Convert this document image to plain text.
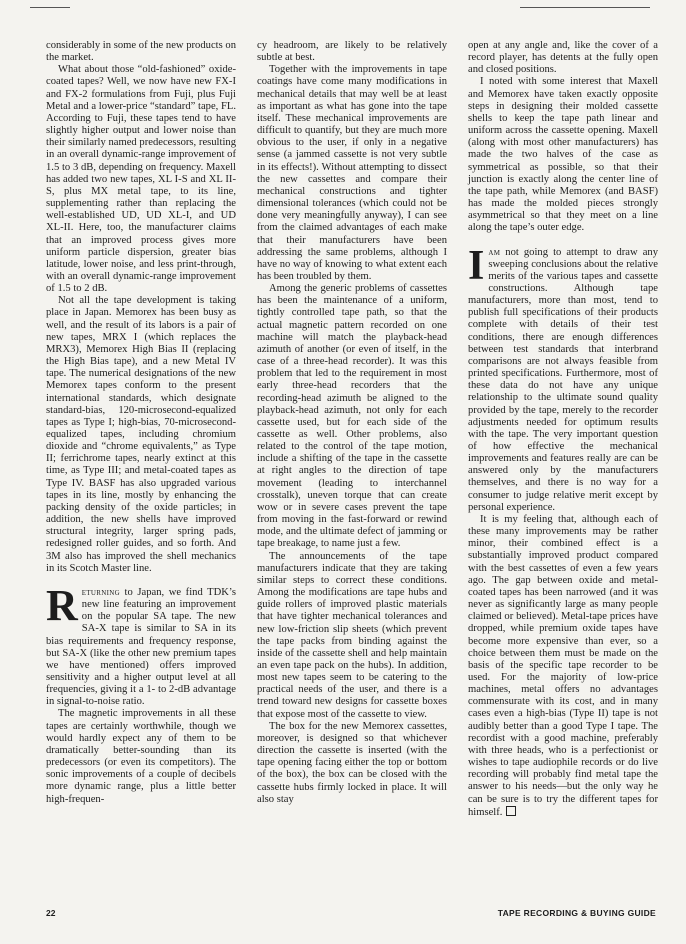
considerably in some of the new products on the market.

What about those “old-fashioned” oxide-coated tapes? Well, we now have new FX-I and FX-2 formulations from Fuji, plus Fuji Metal and a lower-price “standard” tape, FL. According to Fuji, these tapes tend to have slightly higher output and lower noise than their similarly named predecessors, resulting in an overall dynamic-range improvement of 1.5 to 3 dB, depending on frequency. Maxell has added two new tapes, XL I-S and XL II-S, plus MX metal tape, to its line, supplementing rather than replacing the well-established UD, UD XL-I, and UD XL-II. Here, too, the manufacturer claims that an improved process gives more uniform particle dispersion, greater bias latitude, lower noise, and less print-through, with an overall dynamic-range improvement of 1.5 to 2 dB.

Not all the tape development is taking place in Japan. Memorex has been busy as well, and the result of its labors is a pair of new tapes, MRX I (which replaces the MRX3), Memorex High Bias II (replacing the High Bias tape), and a new Metal IV tape. The numerical designations of the new Memorex tapes conform to the present international standards, which designate standard-bias, 120-microsecond-equalized tapes as Type I; high-bias, 70-microsecond-equalized tapes, including chromium dioxide and “chrome equivalents,” as Type II; ferrichrome tapes, nearly extinct at this time, as Type III; and metal-coated tapes as Type IV. BASF has also upgraded various tapes in its line, mostly by enhancing the packing density of the oxide particles; in addition, the new shells have improved structural integrity, larger spring pads, redesigned roller guides, and so forth. And 3M also has improved the shell mechanics in its Scotch Master line.

Returning to Japan, we find TDK’s new line featuring an improvement on the popular SA tape. The new SA-X tape is similar to SA in its bias requirements and frequency response, but SA-X (like the other new premium tapes we have mentioned) offers improved sensitivity and a higher output level at all frequencies, giving it a 1- to 2-dB advantage in signal-to-noise ratio.

The magnetic improvements in all these tapes are certainly worthwhile, though we would hardly expect any of them to be dramatically better-sounding than its predecessors (or even its competitors). The sonic improvements of a couple of decibels more dynamic range, plus a little better high-frequen-

cy headroom, are likely to be relatively subtle at best.

Together with the improvements in tape coatings have come many modifications in mechanical details that may well be at least as important as what has gone into the tape itself. These mechanical improvements are difficult to quantify, but they are much more obvious to the user, if only in a negative sense (a jammed cassette is not very subtle in its effects!). Without attempting to dissect the new cassettes and compare their mechanical constructions and tighter dimensional tolerances (which could not be done very meaningfully anyway), I can see from the claimed advantages of each make that their manufacturers have been addressing the same problems, although I have no way of knowing to what extent each has been troubled by them.

Among the generic problems of cassettes has been the maintenance of a uniform, tightly controlled tape path, so that the actual magnetic pattern recorded on one machine will match the playback-head azimuth of another (or even of itself, in the case of a three-head recorder). It was this problem that led to the requirement in most early three-head recorders that the recording-head azimuth be aligned to the playback-head azimuth, not only for each cassette used, but for each side of the cassette as well. Other problems, also related to the control of the tape motion, include a shifting of the tape in the cassette at right angles to the direction of tape movement (leading to interchannel crosstalk), uneven torque that can create wow or in severe cases prevent the tape from moving in the fast-forward or rewind mode, and the ultimate defect of jamming or tape breakage, to name just a few.

The announcements of the tape manufacturers indicate that they are taking similar steps to correct these conditions. Among the modifications are tape hubs and guide rollers of improved plastic materials that have tighter mechanical tolerances and new low-friction slip sheets (which prevent the tape packs from binding against the inside of the cassette shell and help maintain an even tape pack on the hubs). In addition, most new tapes seem to be catering to the practical needs of the user, and there is a trend toward new designs for cassette boxes that expose most of the cassette to view.

The box for the new Memorex cassettes, moreover, is designed so that whichever direction the cassette is inserted (with the tape opening facing either the top or bottom of the box), the box can be closed with the cassette hubs firmly locked in place. It will also stay

open at any angle and, like the cover of a record player, has detents at the fully open and closed positions.

I noted with some interest that Maxell and Memorex have taken exactly opposite steps in designing their molded cassette shells to keep the tape path linear and uniform across the cassette opening. Maxell (along with most other manufacturers) has made the two halves of the case as symmetrical as possible, so that their junction is exactly along the center line of the tape path, while Memorex (and BASF) has made the molded pieces strongly asymmetrical so that they meet on a line along the tape’s outer edge.

Iam not going to attempt to draw any sweeping conclusions about the relative merits of the various tapes and cassette constructions. Although tape manufacturers, more than most, tend to publish full specifications of their products complete with details of their test conditions, there are enough differences between test standards that interbrand comparisons are not always feasible from printed specifications. Furthermore, most of these data do not have any unique relationship to the ultimate sound quality provided by the tape, merely to the recorder adjustments needed for optimum results with the tape. The very important question of how effective the mechanical improvements and features really are can be answered only by the manufacturers themselves, and there is no way for a consumer to judge relative merit except by personal experience.

It is my feeling that, although each of these many improvements may be rather minor, their combined effect is a substantially improved product compared with the best cassettes of even a few years ago. The gap between oxide and metal-coated tapes has been narrowed (and it was never as significantly large as many people claimed or believed). Metal-tape prices have dropped, while premium oxide tapes have become more expensive than ever, so a choice between them must be made on the basis of the specific tape recorder to be used. For the majority of low-price machines, metal offers no advantages commensurate with its cost, and in many cases even a high-bias (Type II) tape is not audibly better than a good Type I tape. The recordist with a good machine, preferably with three heads, who is a perfectionist or wishes to tape audiophile records or do live recording will probably find metal tape the answer to his needs—but the only way he can be sure is to try the different tapes for himself.

22	TAPE RECORDING & BUYING GUIDE
